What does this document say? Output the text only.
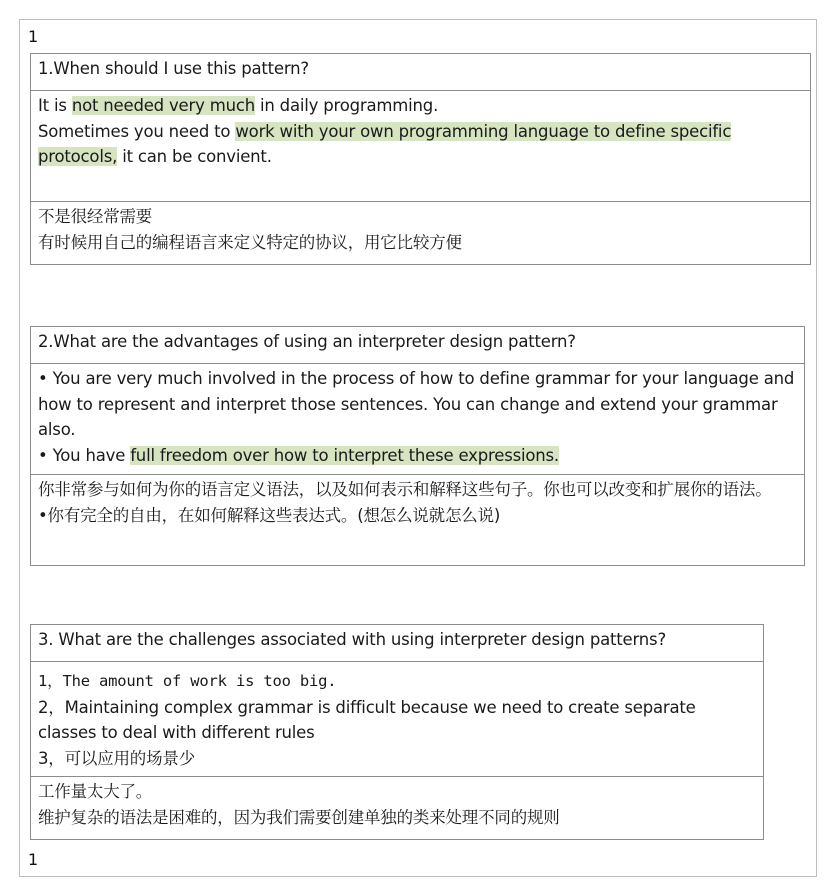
1
1.When should I use this pattern?

It is not needed very much in daily programming.
Sometimes you need to work with your own programming language to define specific protocols, it can be convient.

不是很经常需要
有时候用自己的编程语言来定义特定的协议，用它比较方便
2.What are the advantages of using an interpreter design pattern?

• You are very much involved in the process of how to define grammar for your language and how to represent and interpret those sentences. You can change and extend your grammar also.
• You have full freedom over how to interpret these expressions.

你非常参与如何为你的语言定义语法，以及如何表示和解释这些句子。你也可以改变和扩展你的语法。
•你有完全的自由，在如何解释这些表达式。(想怎么说就怎么说)
3. What are the challenges associated with using interpreter design patterns?

1，The amount of work is too big.
2，Maintaining complex grammar is difficult because we need to create separate classes to deal with different rules
3，可以应用的场景少

工作量太大了。
维护复杂的语法是困难的，因为我们需要创建单独的类来处理不同的规则
1
